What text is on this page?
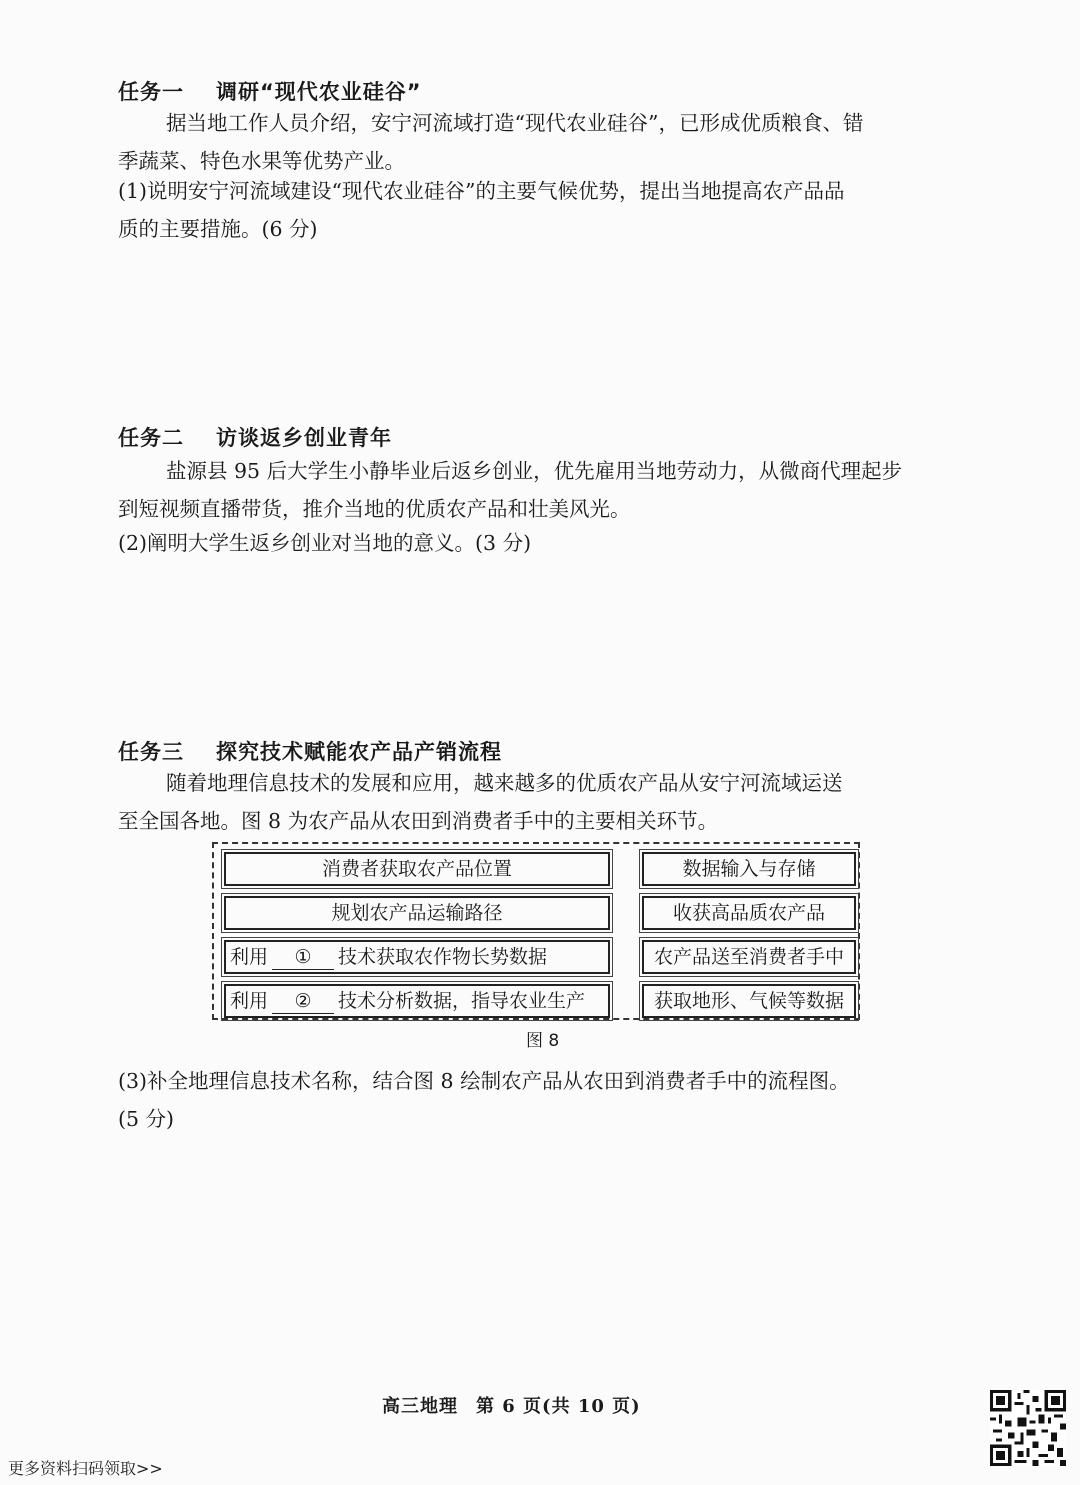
任务一 调研“现代农业硅谷”
据当地工作人员介绍，安宁河流域打造“现代农业硅谷”，已形成优质粮食、错
季蔬菜、特色水果等优势产业。
(1)说明安宁河流域建设“现代农业硅谷”的主要气候优势，提出当地提高农产品品
质的主要措施。(6 分)
任务二 访谈返乡创业青年
盐源县 95 后大学生小静毕业后返乡创业，优先雇用当地劳动力，从微商代理起步
到短视频直播带货，推介当地的优质农产品和壮美风光。
(2)阐明大学生返乡创业对当地的意义。(3 分)
任务三 探究技术赋能农产品产销流程
随着地理信息技术的发展和应用，越来越多的优质农产品从安宁河流域运送
至全国各地。图 8 为农产品从农田到消费者手中的主要相关环节。
消费者获取农产品位置
规划农产品运输路径
利用 ① 技术获取农作物长势数据
利用 ② 技术分析数据，指导农业生产
数据输入与存储
收获高品质农产品
农产品送至消费者手中
获取地形、气候等数据
图 8
(3)补全地理信息技术名称，结合图 8 绘制农产品从农田到消费者手中的流程图。
(5 分)
高三地理 第 6 页(共 10 页)
更多资料扫码领取>>
